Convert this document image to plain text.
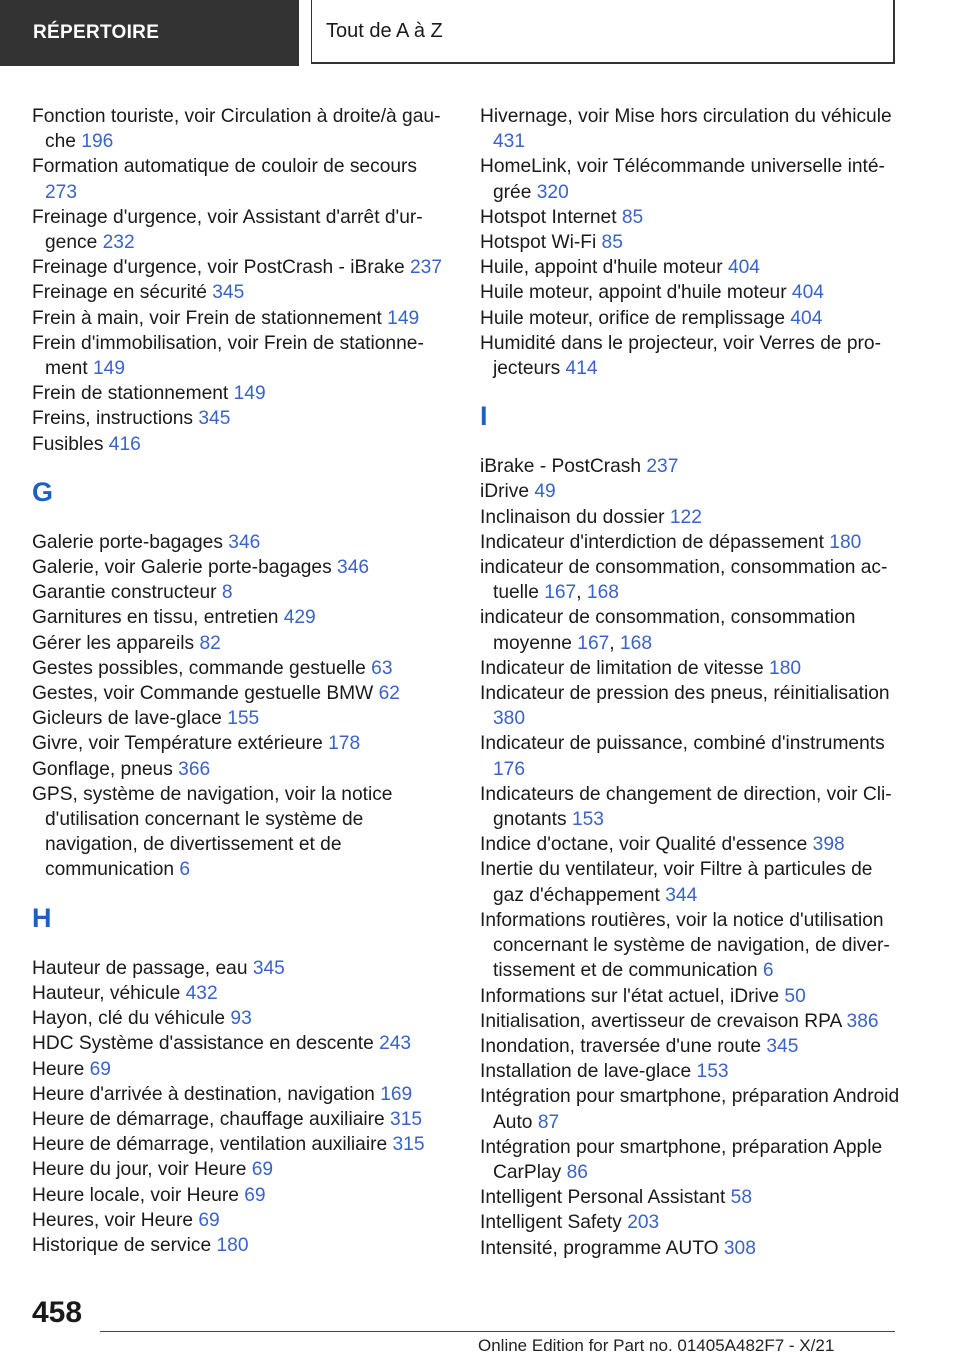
RÉPERTOIRE	Tout de A à Z
Fonction touriste, voir Circulation à droite/à gauche 196
Formation automatique de couloir de secours 273
Freinage d'urgence, voir Assistant d'arrêt d'urgence 232
Freinage d'urgence, voir PostCrash - iBrake 237
Freinage en sécurité 345
Frein à main, voir Frein de stationnement 149
Frein d'immobilisation, voir Frein de stationnement 149
Frein de stationnement 149
Freins, instructions 345
Fusibles 416
G
Galerie porte-bagages 346
Galerie, voir Galerie porte-bagages 346
Garantie constructeur 8
Garnitures en tissu, entretien 429
Gérer les appareils 82
Gestes possibles, commande gestuelle 63
Gestes, voir Commande gestuelle BMW 62
Gicleurs de lave-glace 155
Givre, voir Température extérieure 178
Gonflage, pneus 366
GPS, système de navigation, voir la notice d'utilisation concernant le système de navigation, de divertissement et de communication 6
H
Hauteur de passage, eau 345
Hauteur, véhicule 432
Hayon, clé du véhicule 93
HDC Système d'assistance en descente 243
Heure 69
Heure d'arrivée à destination, navigation 169
Heure de démarrage, chauffage auxiliaire 315
Heure de démarrage, ventilation auxiliaire 315
Heure du jour, voir Heure 69
Heure locale, voir Heure 69
Heures, voir Heure 69
Historique de service 180
Hivernage, voir Mise hors circulation du véhicule 431
HomeLink, voir Télécommande universelle intégrée 320
Hotspot Internet 85
Hotspot Wi-Fi 85
Huile, appoint d'huile moteur 404
Huile moteur, appoint d'huile moteur 404
Huile moteur, orifice de remplissage 404
Humidité dans le projecteur, voir Verres de projecteurs 414
I
iBrake - PostCrash 237
iDrive 49
Inclinaison du dossier 122
Indicateur d'interdiction de dépassement 180
indicateur de consommation, consommation actuelle 167, 168
indicateur de consommation, consommation moyenne 167, 168
Indicateur de limitation de vitesse 180
Indicateur de pression des pneus, réinitialisation 380
Indicateur de puissance, combiné d'instruments 176
Indicateurs de changement de direction, voir Clignotants 153
Indice d'octane, voir Qualité d'essence 398
Inertie du ventilateur, voir Filtre à particules de gaz d'échappement 344
Informations routières, voir la notice d'utilisation concernant le système de navigation, de divertissement et de communication 6
Informations sur l'état actuel, iDrive 50
Initialisation, avertisseur de crevaison RPA 386
Inondation, traversée d'une route 345
Installation de lave-glace 153
Intégration pour smartphone, préparation Android Auto 87
Intégration pour smartphone, préparation Apple CarPlay 86
Intelligent Personal Assistant 58
Intelligent Safety 203
Intensité, programme AUTO 308
458
Online Edition for Part no. 01405A482F7 - X/21
